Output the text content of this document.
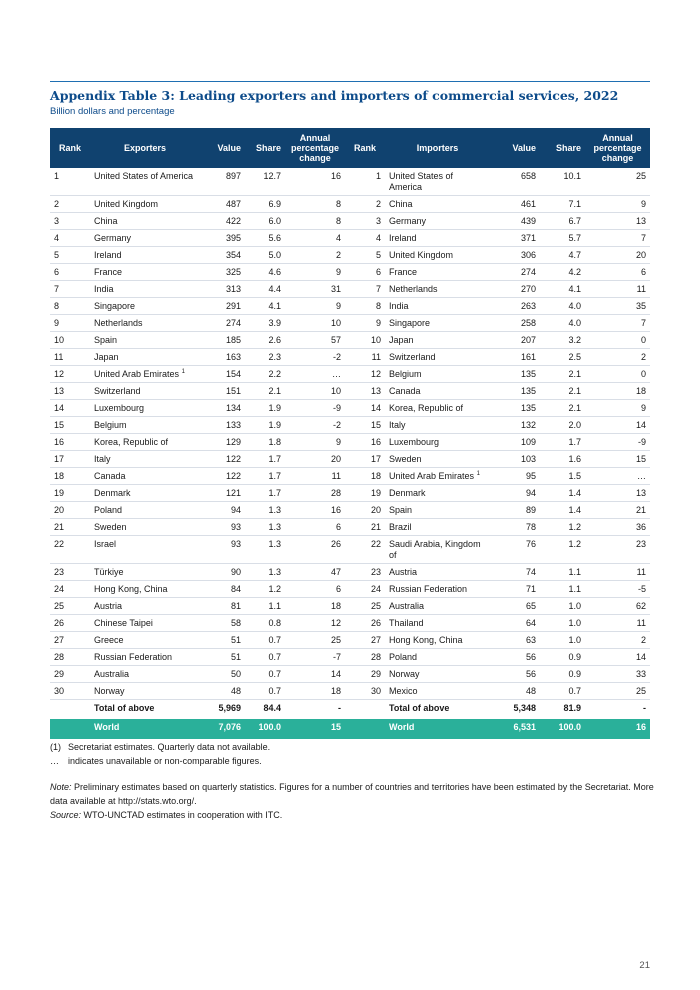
Appendix Table 3: Leading exporters and importers of commercial services, 2022
Billion dollars and percentage
Rank	Exporters	Value	Share	Annual
percentage
change	Rank	Importers	Value	Share	Annual
percentage
change
1	United States of America	897	12.7	16	1	United States of America	658	10.1	25
2	United Kingdom	487	6.9	8	2	China	461	7.1	9
3	China	422	6.0	8	3	Germany	439	6.7	13
4	Germany	395	5.6	4	4	Ireland	371	5.7	7
5	Ireland	354	5.0	2	5	United Kingdom	306	4.7	20
6	France	325	4.6	9	6	France	274	4.2	6
7	India	313	4.4	31	7	Netherlands	270	4.1	11
8	Singapore	291	4.1	9	8	India	263	4.0	35
9	Netherlands	274	3.9	10	9	Singapore	258	4.0	7
10	Spain	185	2.6	57	10	Japan	207	3.2	0
11	Japan	163	2.3	-2	11	Switzerland	161	2.5	2
12	United Arab Emirates $^1$	154	2.2	…	12	Belgium	135	2.1	0
13	Switzerland	151	2.1	10	13	Canada	135	2.1	18
14	Luxembourg	134	1.9	-9	14	Korea, Republic of	135	2.1	9
15	Belgium	133	1.9	-2	15	Italy	132	2.0	14
16	Korea, Republic of	129	1.8	9	16	Luxembourg	109	1.7	-9
17	Italy	122	1.7	20	17	Sweden	103	1.6	15
18	Canada	122	1.7	11	18	United Arab Emirates $^1$	95	1.5	…
19	Denmark	121	1.7	28	19	Denmark	94	1.4	13
20	Poland	94	1.3	16	20	Spain	89	1.4	21
21	Sweden	93	1.3	6	21	Brazil	78	1.2	36
22	Israel	93	1.3	26	22	Saudi Arabia, Kingdom of	76	1.2	23
23	Türkiye	90	1.3	47	23	Austria	74	1.1	11
24	Hong Kong, China	84	1.2	6	24	Russian Federation	71	1.1	-5
25	Austria	81	1.1	18	25	Australia	65	1.0	62
26	Chinese Taipei	58	0.8	12	26	Thailand	64	1.0	11
27	Greece	51	0.7	25	27	Hong Kong, China	63	1.0	2
28	Russian Federation	51	0.7	-7	28	Poland	56	0.9	14
29	Australia	50	0.7	14	29	Norway	56	0.9	33
30	Norway	48	0.7	18	30	Mexico	48	0.7	25
	Total of above	5,969	84.4	-		Total of above	5,348	81.9	-
	World	7,076	100.0	15		World	6,531	100.0	16
(1) Secretariat estimates. Quarterly data not available.
…	indicates unavailable or non-comparable figures.
Note: Preliminary estimates based on quarterly statistics. Figures for a number of countries and territories have been estimated by the Secretariat. More data available at http://stats.wto.org/.
Source: WTO-UNCTAD estimates in cooperation with ITC.
21
